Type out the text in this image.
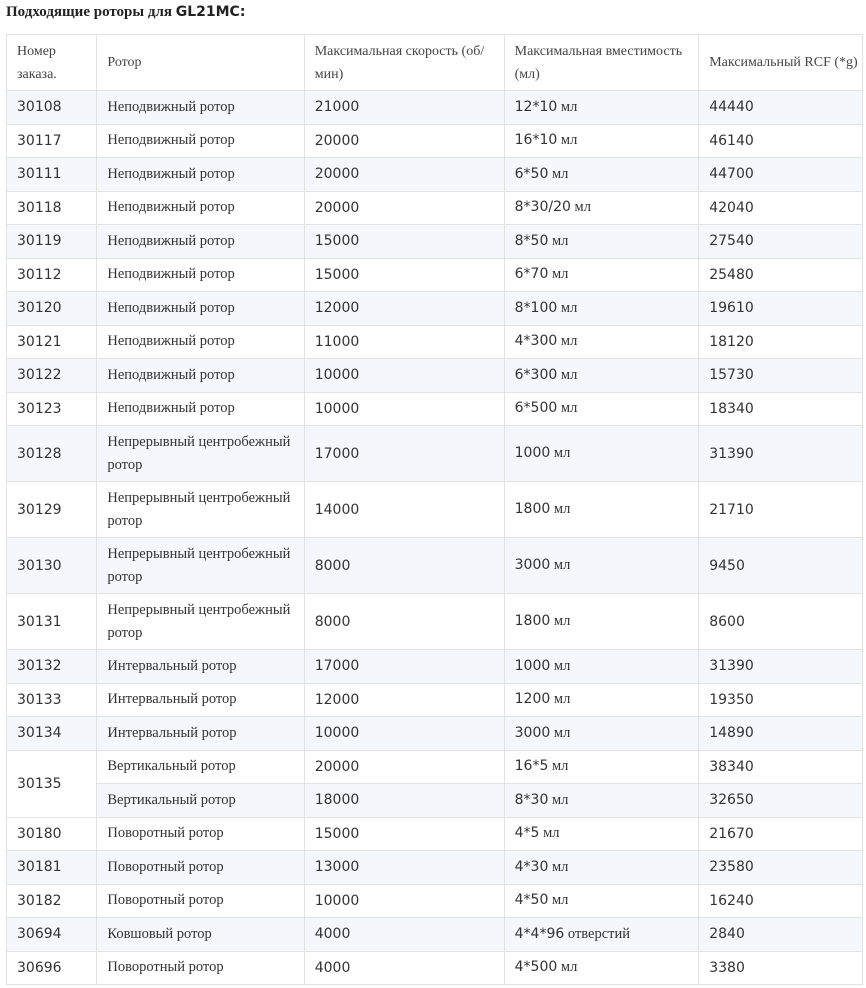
Подходящие роторы для GL21MC:
Номер заказа.	Ротор	Максимальная скорость (об/мин)	Максимальная вместимость (мл)	Максимальный RCF (*g)
30108	Неподвижный ротор	21000	12*10 мл	44440
30117	Неподвижный ротор	20000	16*10 мл	46140
30111	Неподвижный ротор	20000	6*50 мл	44700
30118	Неподвижный ротор	20000	8*30/20 мл	42040
30119	Неподвижный ротор	15000	8*50 мл	27540
30112	Неподвижный ротор	15000	6*70 мл	25480
30120	Неподвижный ротор	12000	8*100 мл	19610
30121	Неподвижный ротор	11000	4*300 мл	18120
30122	Неподвижный ротор	10000	6*300 мл	15730
30123	Неподвижный ротор	10000	6*500 мл	18340
30128	Непрерывный центробежный ротор	17000	1000 мл	31390
30129	Непрерывный центробежный ротор	14000	1800 мл	21710
30130	Непрерывный центробежный ротор	8000	3000 мл	9450
30131	Непрерывный центробежный ротор	8000	1800 мл	8600
30132	Интервальный ротор	17000	1000 мл	31390
30133	Интервальный ротор	12000	1200 мл	19350
30134	Интервальный ротор	10000	3000 мл	14890
30135	Вертикальный ротор	20000	16*5 мл	38340
	Вертикальный ротор	18000	8*30 мл	32650
30180	Поворотный ротор	15000	4*5 мл	21670
30181	Поворотный ротор	13000	4*30 мл	23580
30182	Поворотный ротор	10000	4*50 мл	16240
30694	Ковшовый ротор	4000	4*4*96 отверстий	2840
30696	Поворотный ротор	4000	4*500 мл	3380
